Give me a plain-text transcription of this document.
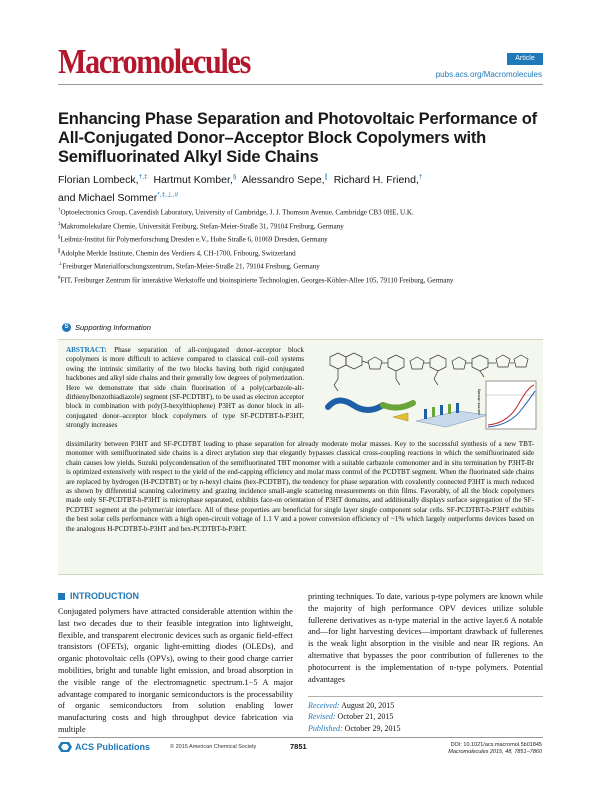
Macromolecules	Article
pubs.acs.org/Macromolecules
Enhancing Phase Separation and Photovoltaic Performance of All-Conjugated Donor–Acceptor Block Copolymers with Semifluorinated Alkyl Side Chains
Florian Lombeck,†,‡ Hartmut Komber,§ Alessandro Sepe,∥ Richard H. Friend,†
and Michael Sommer*,‡,⊥,#

†Optoelectronics Group, Cavendish Laboratory, University of Cambridge, J. J. Thomson Avenue, Cambridge CB3 0HE, U.K.

‡Makromolekulare Chemie, Universität Freiburg, Stefan-Meier-Straße 31, 79104 Freiburg, Germany

§Leibniz-Institut für Polymerforschung Dresden e.V., Hohe Straße 6, 01069 Dresden, Germany

∥Adolphe Merkle Institute, Chemin des Verdiers 4, CH-1700, Fribourg, Switzerland

⊥Freiburger Materialforschungszentrum, Stefan-Meier-Straße 21, 79104 Freiburg, Germany

#FIT, Freiburger Zentrum für interaktive Werkstoffe und bioinspirierte Technologien, Georges-Köhler-Allee 105, 79110 Freiburg, Germany

S Supporting Information
ABSTRACT: Phase separation of all-conjugated donor–acceptor block copolymers is more difficult to achieve compared to classical coil–coil systems owing the intrinsic similarity of the two blocks having both rigid conjugated backbones and alkyl side chains and their generally low degrees of polymerization. Here we demonstrate that side chain fluorination of a poly(carbazole-alt-dithienylbenzothiadiazole) segment (SF-PCDTBT), to be used as electron acceptor block in combination with poly(3-hexylthiophene) P3HT as donor block in all-conjugated donor–acceptor block copolymers of type SF-PCDTBT-b-P3HT, strongly increases
current density
dissimilarity between P3HT and SF-PCDTBT leading to phase separation for already moderate molar masses. Key to the successful synthesis of a new TBT-monomer with semifluorinated side chains is a direct arylation step that elegantly bypasses classical cross-coupling reactions in which the semifluorinated side chain causes low yields. Suzuki polycondensation of the semifluorinated TBT monomer with a suitable carbazole comonomer and in situ termination by P3HT-Br is optimized extensively with respect to the yield of the end-capping efficiency and molar mass control of the PCDTBT segment. When the fluorinated side chains are replaced by hydrogen (H-PCDTBT) or by n-hexyl chains (hex-PCDTBT), the tendency for phase separation with covalently connected P3HT is much reduced as shown by differential scanning calorimetry and grazing incidence small-angle scattering measurements on thin films. Favorably, of all the block copolymers made only SF-PCDTBT-b-P3HT is microphase separated, exhibits face-on orientation of P3HT domains, and additionally displays surface segregation of the SF-PCDTBT segment at the polymer/air interface. All of these properties are beneficial for single layer single component solar cells. SF-PCDTBT-b-P3HT exhibits the best solar cells performance with a high open-circuit voltage of 1.1 V and a power conversion efficiency of ~1% which largely outperforms devices based on the analogous H-PCDTBT-b-P3HT and hex-PCDTBT-b-P3HT.
INTRODUCTION
Conjugated polymers have attracted considerable attention within the last two decades due to their feasible integration into lightweight, flexible, and transparent electronic devices such as organic field-effect transistors (OFETs), organic light-emitting diodes (OLEDs), and organic photovoltaic cells (OPVs), owing to their good charge carrier mobilities, bright and tunable light emission, and broad absorption in the visible range of the electromagnetic spectrum.1−5 A major advantage compared to inorganic semiconductors is the processability of organic semiconductors from solution enabling lower manufacturing costs and high throughput device fabrication via multiple
printing techniques. To date, various p-type polymers are known while the majority of high performance OPV devices utilize soluble fullerene derivatives as n-type material in the active layer.6 A notable and—for light harvesting devices—important drawback of fullerenes is the weak light absorption in the visible and near IR regions. An alternative that bypasses the poor contribution of fullerenes to the photocurrent is the implementation of n-type polymers. Potential advantages
Received: August 20, 2015
Revised: October 21, 2015
Published: October 29, 2015
ACS Publications	© 2015 American Chemical Society	7851	DOI: 10.1021/acs.macromol.5b01845
Macromolecules 2015, 48, 7851−7860
